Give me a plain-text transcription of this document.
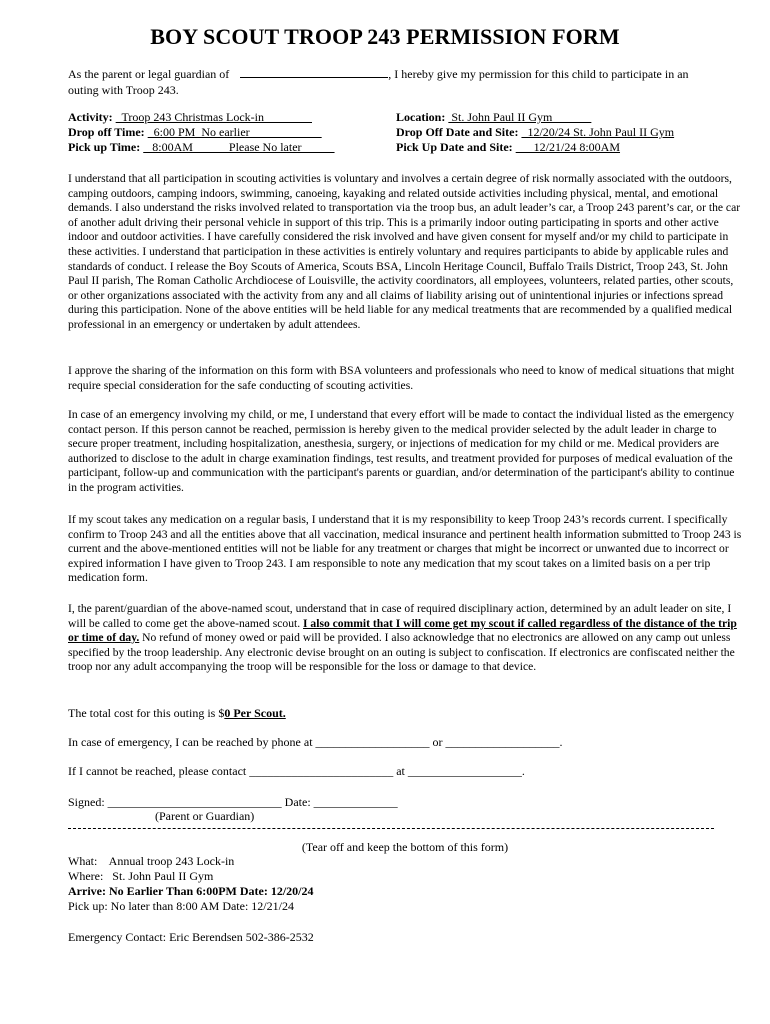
BOY SCOUT TROOP 243 PERMISSION FORM
As the parent or legal guardian of	, I hereby give my permission for this child to participate in an
outing with Troop 243.
Activity:   Troop 243 Christmas Lock-in	Location:  St. John Paul II Gym
Drop off Time:   6:00 PM  No earlier	Drop Off Date and Site:   12/20/24 St. John Paul II Gym
Pick up Time:    8:00AM            Please No later	Pick Up Date and Site:       12/21/24 8:00AM
I understand that all participation in scouting activities is voluntary and involves a certain degree of risk normally associated with the outdoors, camping outdoors, camping indoors, swimming, canoeing, kayaking and related outside activities including physical, mental, and emotional demands. I also understand the risks involved related to transportation via the troop bus, an adult leader’s car, a Troop 243 parent’s car, or the car of another adult driving their personal vehicle in support of this trip. This is a primarily indoor outing participating in sports and other active indoor and outdoor activities. I have carefully considered the risk involved and have given consent for myself and/or my child to participate in these activities. I understand that participation in these activities is entirely voluntary and requires participants to abide by applicable rules and standards of conduct. I release the Boy Scouts of America, Scouts BSA, Lincoln Heritage Council, Buffalo Trails District, Troop 243, St. John Paul II parish, The Roman Catholic Archdiocese of Louisville, the activity coordinators, all employees, volunteers, related parties, other scouts, or other organizations associated with the activity from any and all claims of liability arising out of unintentional injuries or infections spread during this participation. None of the above entities will be held liable for any medical treatments that are recommended by a qualified medical professional in an emergency or undertaken by adult attendees.
I approve the sharing of the information on this form with BSA volunteers and professionals who need to know of medical situations that might require special consideration for the safe conducting of scouting activities.
In case of an emergency involving my child, or me, I understand that every effort will be made to contact the individual listed as the emergency contact person. If this person cannot be reached, permission is hereby given to the medical provider selected by the adult leader in charge to secure proper treatment, including hospitalization, anesthesia, surgery, or injections of medication for my child or me. Medical providers are authorized to disclose to the adult in charge examination findings, test results, and treatment provided for purposes of medical evaluation of the participant, follow-up and communication with the participant's parents or guardian, and/or determination of the participant's ability to continue in the program activities.
If my scout takes any medication on a regular basis, I understand that it is my responsibility to keep Troop 243’s records current. I specifically confirm to Troop 243 and all the entities above that all vaccination, medical insurance and pertinent health information submitted to Troop 243 is current and the above-mentioned entities will not be liable for any treatment or charges that might be incorrect or unwanted due to incorrect or expired information I have given to Troop 243. I am responsible to note any medication that my scout takes on a limited basis on a per trip medication form.
I, the parent/guardian of the above-named scout, understand that in case of required disciplinary action, determined by an adult leader on site, I will be called to come get the above-named scout. I also commit that I will come get my scout if called regardless of the distance of the trip or time of day. No refund of money owed or paid will be provided. I also acknowledge that no electronics are allowed on any camp out unless specified by the troop leadership. Any electronic devise brought on an outing is subject to confiscation. If electronics are confiscated neither the troop nor any adult accompanying the troop will be responsible for the loss or damage to that device.
The total cost for this outing is $0 Per Scout.
In case of emergency, I can be reached by phone at ___________________ or ___________________.
If I cannot be reached, please contact ________________________ at ___________________.
Signed: _____________________________ Date: ______________
(Parent or Guardian)
(Tear off and keep the bottom of this form)
What:    Annual troop 243 Lock-in
Where:   St. John Paul II Gym
Arrive: No Earlier Than 6:00PM Date: 12/20/24
Pick up: No later than 8:00 AM Date: 12/21/24
Emergency Contact: Eric Berendsen 502-386-2532
